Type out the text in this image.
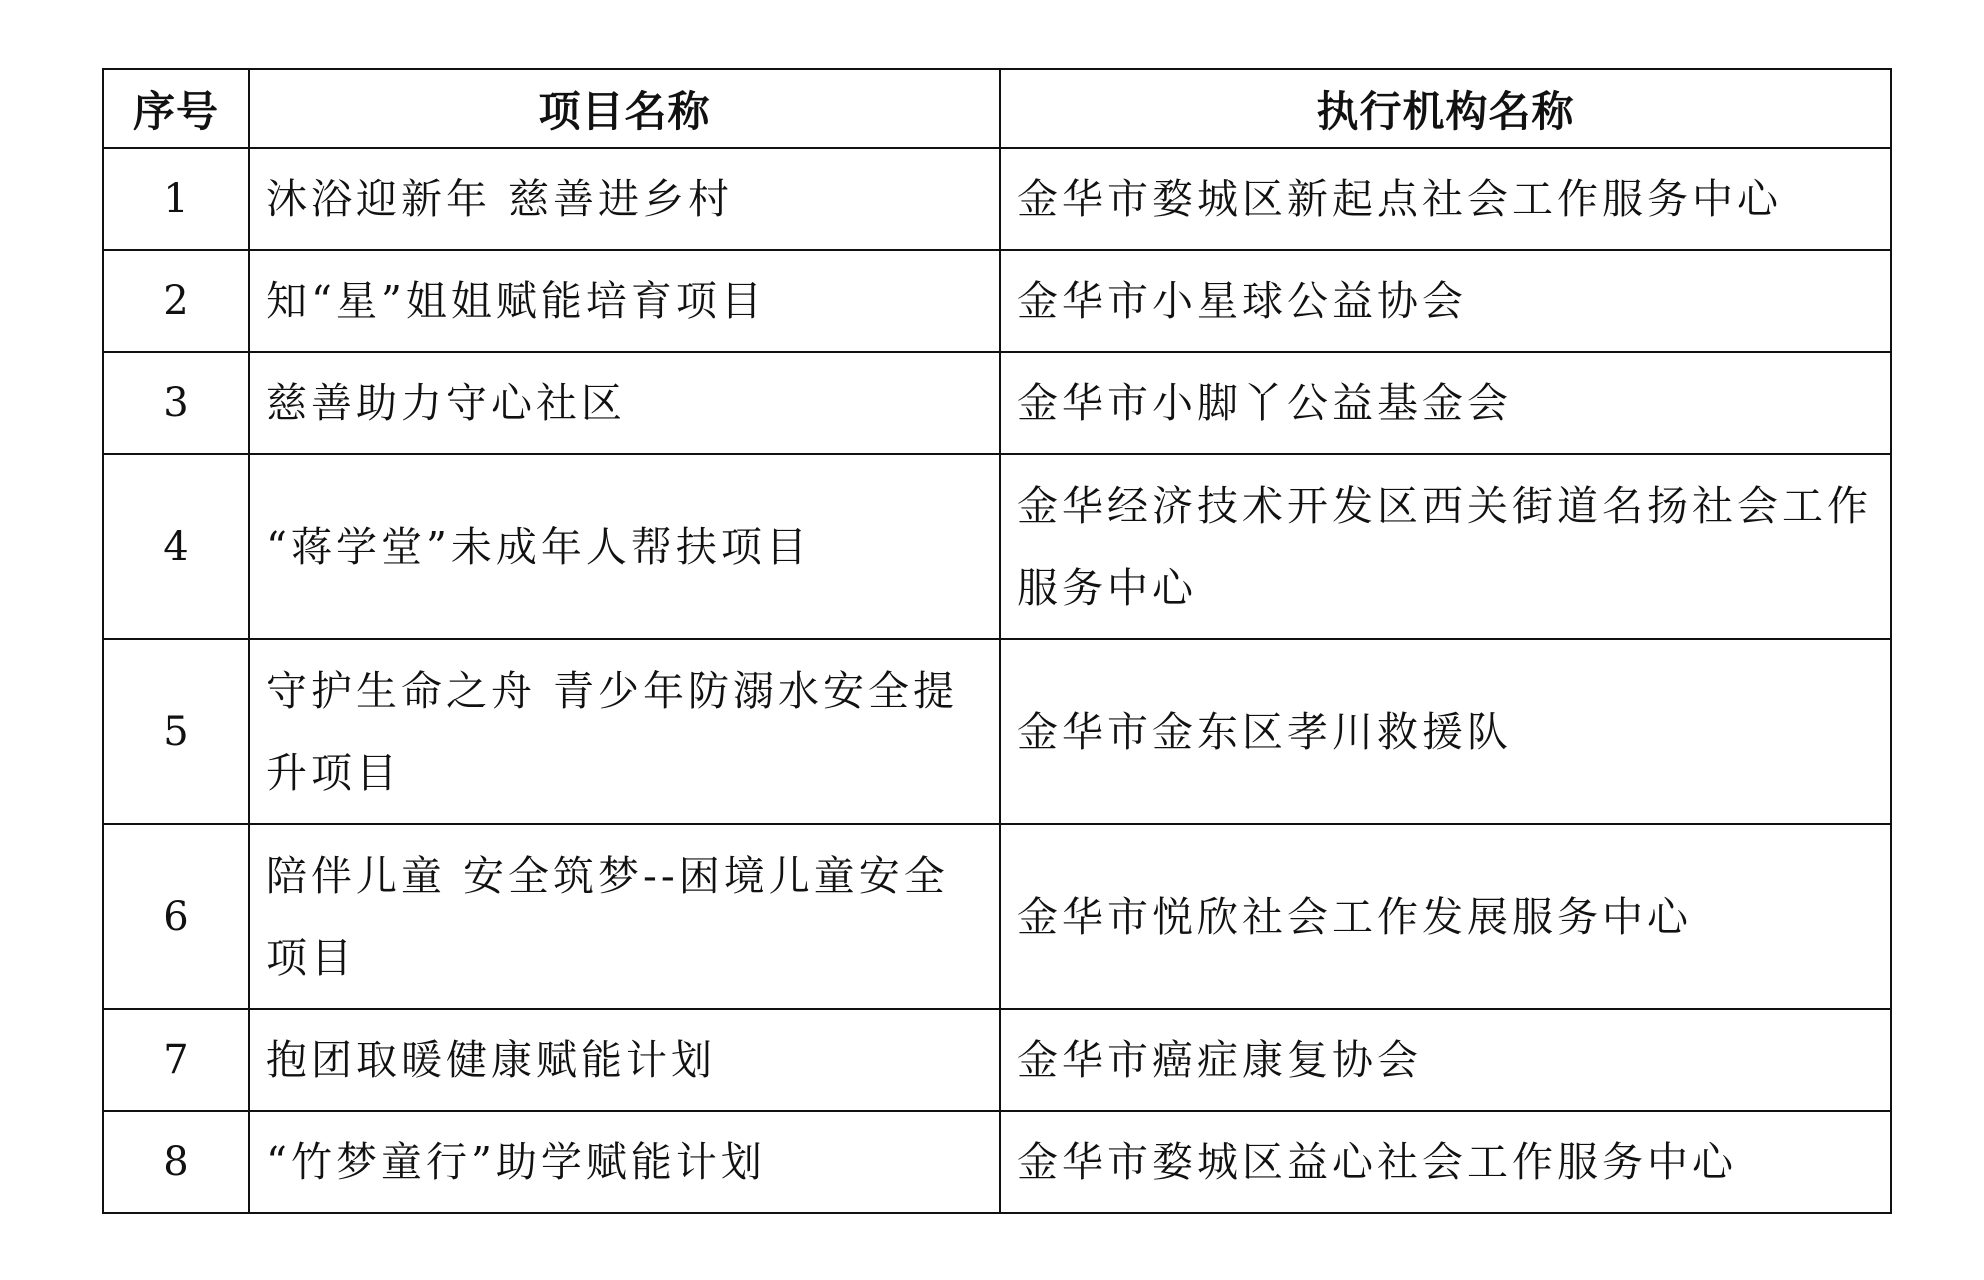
序号	项目名称	执行机构名称
1	沐浴迎新年 慈善进乡村	金华市婺城区新起点社会工作服务中心
2	知“星”姐姐赋能培育项目	金华市小星球公益协会
3	慈善助力守心社区	金华市小脚丫公益基金会
4	“蒋学堂”未成年人帮扶项目	金华经济技术开发区西关街道名扬社会工作服务中心
5	守护生命之舟 青少年防溺水安全提升项目	金华市金东区孝川救援队
6	陪伴儿童 安全筑梦--困境儿童安全项目	金华市悦欣社会工作发展服务中心
7	抱团取暖健康赋能计划	金华市癌症康复协会
8	“竹梦童行”助学赋能计划	金华市婺城区益心社会工作服务中心
